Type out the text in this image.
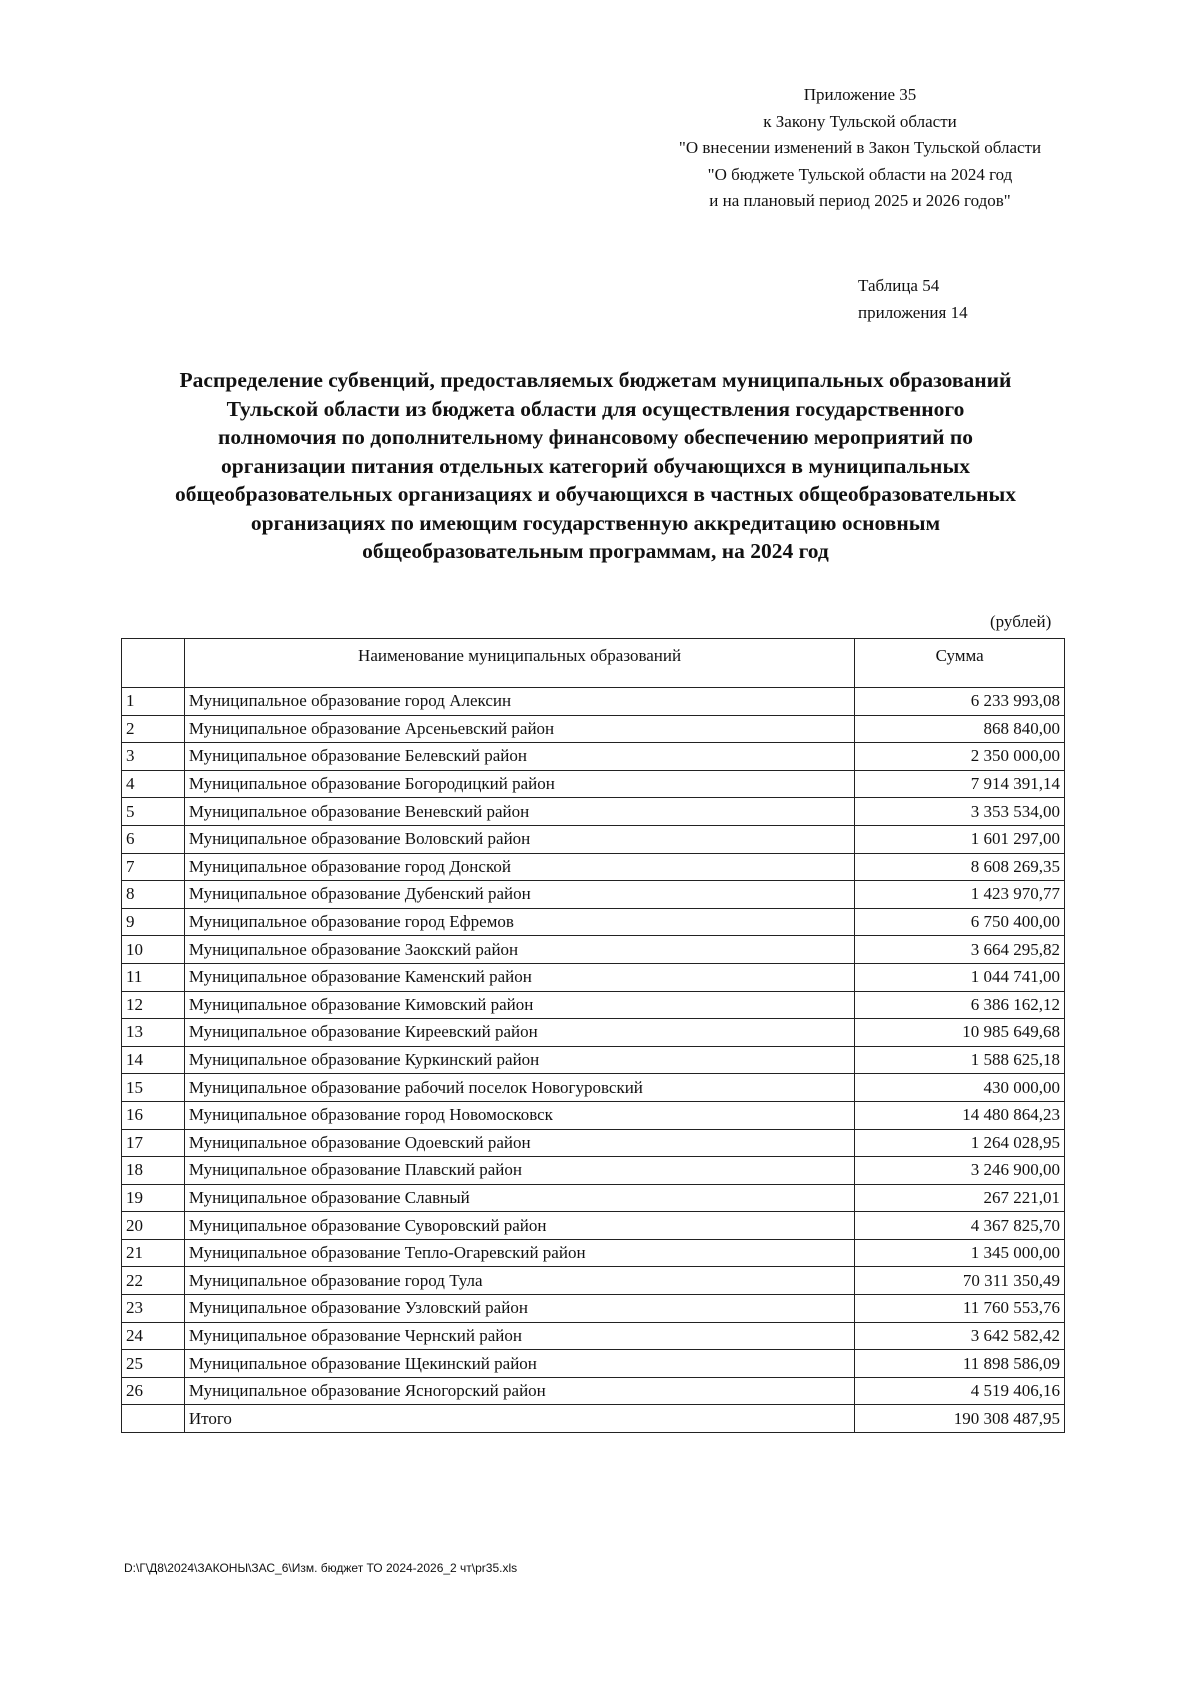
Приложение 35
к Закону Тульской области
"О внесении изменений в Закон Тульской области
"О бюджете Тульской области на 2024 год
и на плановый период 2025 и 2026 годов"
Таблица 54
приложения 14
Распределение субвенций, предоставляемых бюджетам муниципальных образований
Тульской области из бюджета области для осуществления государственного
полномочия по дополнительному финансовому обеспечению мероприятий по
организации питания отдельных категорий обучающихся в муниципальных
общеобразовательных организациях и обучающихся в частных общеобразовательных
организациях по имеющим государственную аккредитацию основным
общеобразовательным программам, на 2024 год
(рублей)
	Наименование муниципальных образований	Сумма
1	Муниципальное образование город Алексин	6 233 993,08
2	Муниципальное образование Арсеньевский район	868 840,00
3	Муниципальное образование Белевский район	2 350 000,00
4	Муниципальное образование Богородицкий район	7 914 391,14
5	Муниципальное образование Веневский район	3 353 534,00
6	Муниципальное образование Воловский район	1 601 297,00
7	Муниципальное образование город Донской	8 608 269,35
8	Муниципальное образование Дубенский район	1 423 970,77
9	Муниципальное образование город Ефремов	6 750 400,00
10	Муниципальное образование Заокский район	3 664 295,82
11	Муниципальное образование Каменский район	1 044 741,00
12	Муниципальное образование Кимовский район	6 386 162,12
13	Муниципальное образование Киреевский район	10 985 649,68
14	Муниципальное образование Куркинский район	1 588 625,18
15	Муниципальное образование рабочий поселок Новогуровский	430 000,00
16	Муниципальное образование город Новомосковск	14 480 864,23
17	Муниципальное образование Одоевский район	1 264 028,95
18	Муниципальное образование Плавский район	3 246 900,00
19	Муниципальное образование Славный	267 221,01
20	Муниципальное образование Суворовский район	4 367 825,70
21	Муниципальное образование Тепло-Огаревский район	1 345 000,00
22	Муниципальное образование город Тула	70 311 350,49
23	Муниципальное образование Узловский район	11 760 553,76
24	Муниципальное образование Чернский район	3 642 582,42
25	Муниципальное образование Щекинский район	11 898 586,09
26	Муниципальное образование Ясногорский район	4 519 406,16
	Итого	190 308 487,95
D:\Г\Д8\2024\ЗАКОНЫ\ЗАС_6\Изм. бюджет ТО 2024-2026_2 чт\pr35.xls
